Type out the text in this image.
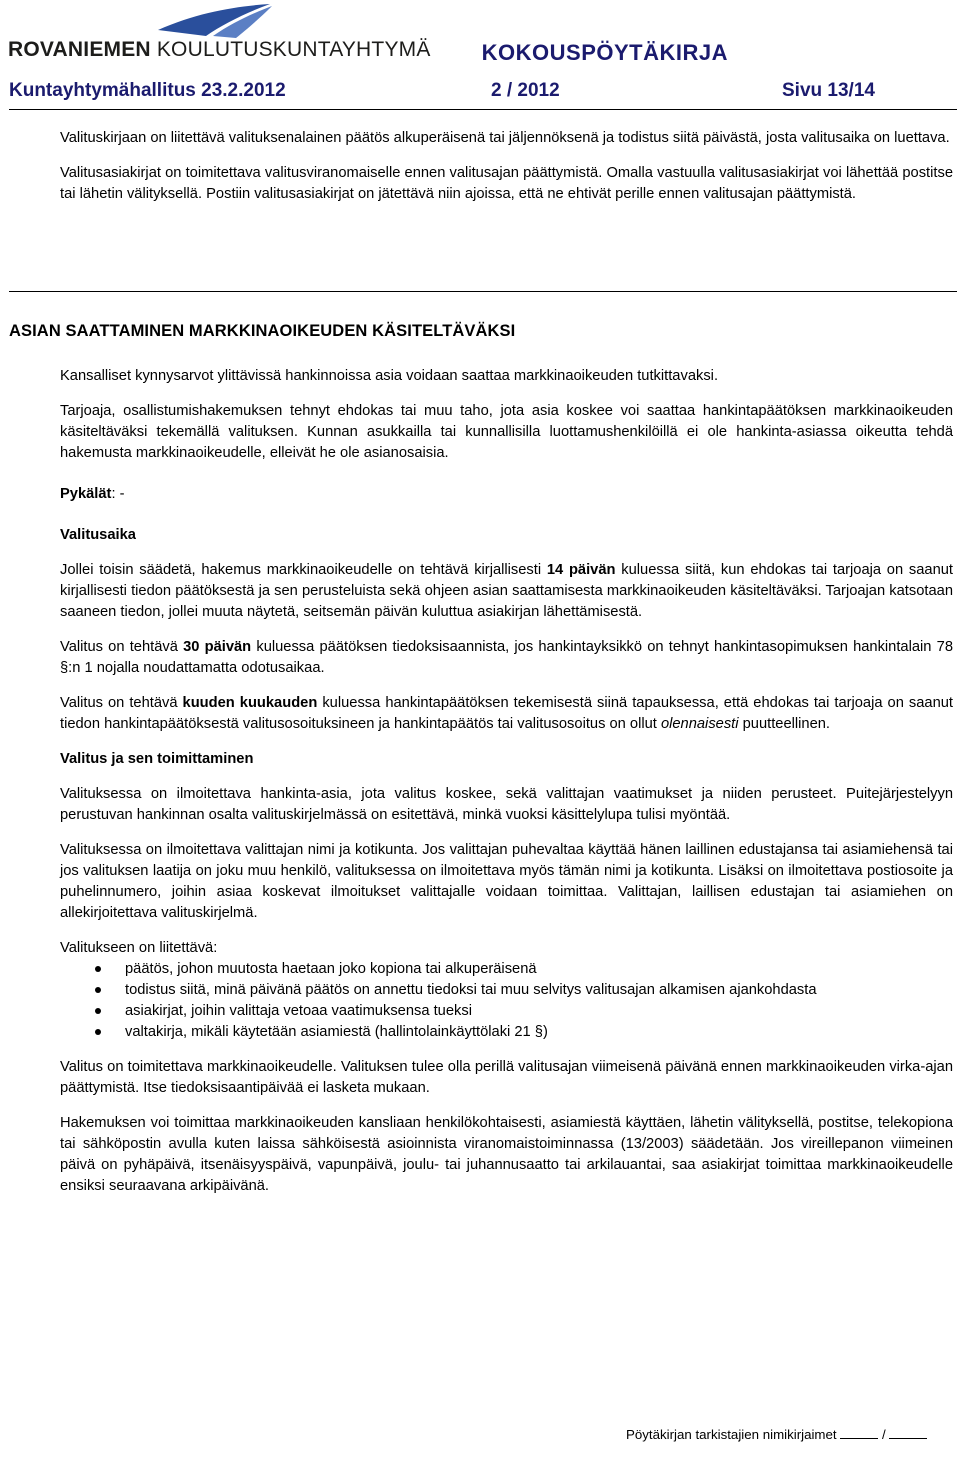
ROVANIEMEN KOULUTUSKUNTAYHTYMÄ KOKOUSPÖYTÄKIRJA
Kuntayhtymähallitus 23.2.2012	2 / 2012	Sivu 13/14

Valituskirjaan on liitettävä valituksenalainen päätös alkuperäisenä tai jäljennöksenä ja todistus siitä päivästä, josta valitusaika on luettava.

Valitusasiakirjat on toimitettava valitusviranomaiselle ennen valitusajan päättymistä. Omalla vastuulla valitusasiakirjat voi lähettää postitse tai lähetin välityksellä. Postiin valitusasiakirjat on jätettävä niin ajoissa, että ne ehtivät perille ennen valitusajan päättymistä.

ASIAN SAATTAMINEN MARKKINAOIKEUDEN KÄSITELTÄVÄKSI

Kansalliset kynnysarvot ylittävissä hankinnoissa asia voidaan saattaa markkinaoikeuden tutkittavaksi.

Tarjoaja, osallistumishakemuksen tehnyt ehdokas tai muu taho, jota asia koskee voi saattaa hankintapäätöksen markkinaoikeuden käsiteltäväksi tekemällä valituksen. Kunnan asukkailla tai kunnallisilla luottamushenkilöillä ei ole hankinta-asiassa oikeutta tehdä hakemusta markkinaoikeudelle, elleivät he ole asianosaisia.

Pykälät: -

Valitusaika

Jollei toisin säädetä, hakemus markkinaoikeudelle on tehtävä kirjallisesti 14 päivän kuluessa siitä, kun ehdokas tai tarjoaja on saanut kirjallisesti tiedon päätöksestä ja sen perusteluista sekä ohjeen asian saattamisesta markkinaoikeuden käsiteltäväksi. Tarjoajan katsotaan saaneen tiedon, jollei muuta näytetä, seitsemän päivän kuluttua asiakirjan lähettämisestä.

Valitus on tehtävä 30 päivän kuluessa päätöksen tiedoksisaannista, jos hankintayksikkö on tehnyt hankintasopimuksen hankintalain 78 §:n 1 nojalla noudattamatta odotusaikaa.

Valitus on tehtävä kuuden kuukauden kuluessa hankintapäätöksen tekemisestä siinä tapauksessa, että ehdokas tai tarjoaja on saanut tiedon hankintapäätöksestä valitusosoituksineen ja hankintapäätös tai valitusosoitus on ollut olennaisesti puutteellinen.

Valitus ja sen toimittaminen

Valituksessa on ilmoitettava hankinta-asia, jota valitus koskee, sekä valittajan vaatimukset ja niiden perusteet. Puitejärjestelyyn perustuvan hankinnan osalta valituskirjelmässä on esitettävä, minkä vuoksi käsittelylupa tulisi myöntää.

Valituksessa on ilmoitettava valittajan nimi ja kotikunta. Jos valittajan puhevaltaa käyttää hänen laillinen edustajansa tai asiamiehensä tai jos valituksen laatija on joku muu henkilö, valituksessa on ilmoitettava myös tämän nimi ja kotikunta. Lisäksi on ilmoitettava postiosoite ja puhelinnumero, joihin asiaa koskevat ilmoitukset valittajalle voidaan toimittaa. Valittajan, laillisen edustajan tai asiamiehen on allekirjoitettava valituskirjelmä.

Valitukseen on liitettävä:

päätös, johon muutosta haetaan joko kopiona tai alkuperäisenä
todistus siitä, minä päivänä päätös on annettu tiedoksi tai muu selvitys valitusajan alkamisen ajankohdasta
asiakirjat, joihin valittaja vetoaa vaatimuksensa tueksi
valtakirja, mikäli käytetään asiamiestä (hallintolainkäyttölaki 21 §)

Valitus on toimitettava markkinaoikeudelle. Valituksen tulee olla perillä valitusajan viimeisenä päivänä ennen markkinaoikeuden virka-ajan päättymistä. Itse tiedoksisaantipäivää ei lasketa mukaan.

Hakemuksen voi toimittaa markkinaoikeuden kansliaan henkilökohtaisesti, asiamiestä käyttäen, lähetin välityksellä, postitse, telekopiona tai sähköpostin avulla kuten laissa sähköisestä asioinnista viranomaistoiminnassa (13/2003) säädetään. Jos vireillepanon viimeinen päivä on pyhäpäivä, itsenäisyyspäivä, vapunpäivä, joulu- tai juhannusaatto tai arkilauantai, saa asiakirjat toimittaa markkinaoikeudelle ensiksi seuraavana arkipäivänä.

Pöytäkirjan tarkistajien nimikirjaimet	/
